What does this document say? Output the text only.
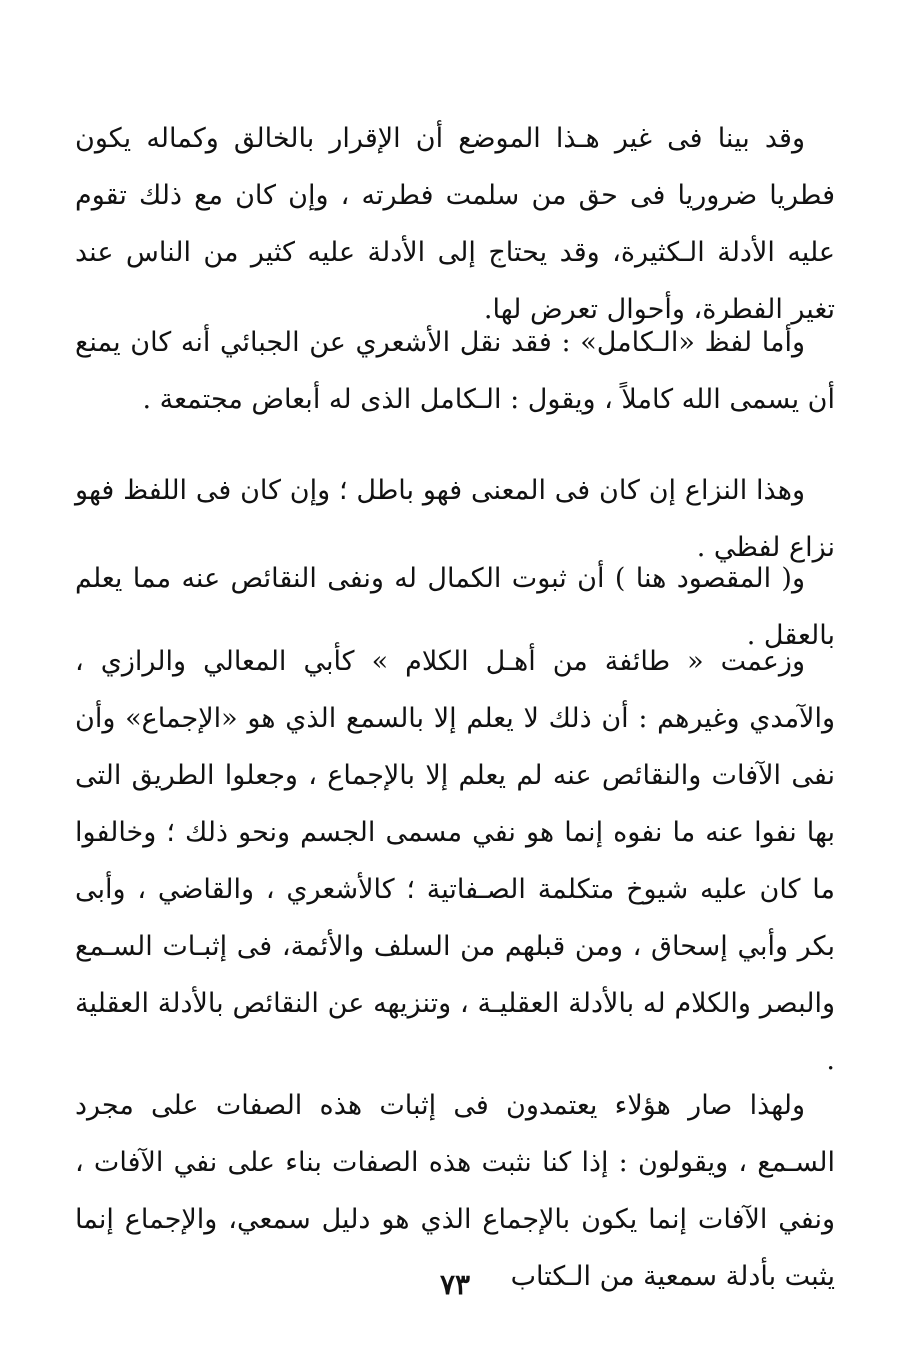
وقد بينا فى غير هـذا الموضع أن الإقرار بالخالق وكماله يكون فطريا ضروريا فى حق من سلمت فطرته ، وإن كان مع ذلك تقوم عليه الأدلة الـكثيرة، وقد يحتاج إلى الأدلة عليه كثير من الناس عند تغير الفطرة، وأحوال تعرض لها.

وأما لفظ «الـكامل» : فقد نقل الأشعري عن الجبائي أنه كان يمنع أن يسمى الله كاملاً ، ويقول : الـكامل الذى له أبعاض مجتمعة .

وهذا النزاع إن كان فى المعنى فهو باطل ؛ وإن كان فى اللفظ فهو نزاع لفظي .

و( المقصود هنا ) أن ثبوت الكمال له ونفى النقائص عنه مما يعلم بالعقل .

وزعمت « طائفة من أهـل الكلام » كأبي المعالي والرازي ، والآمدي وغيرهم : أن ذلك لا يعلم إلا بالسمع الذي هو «الإجماع» وأن نفى الآفات والنقائص عنه لم يعلم إلا بالإجماع ، وجعلوا الطريق التى بها نفوا عنه ما نفوه إنما هو نفي مسمى الجسم ونحو ذلك ؛ وخالفوا ما كان عليه شيوخ متكلمة الصـفاتية ؛ كالأشعري ، والقاضي ، وأبى بكر وأبي إسحاق ، ومن قبلهم من السلف والأئمة، فى إثبـات السـمع والبصر والكلام له بالأدلة العقليـة ، وتنزيهه عن النقائص بالأدلة العقلية .

ولهذا صار هؤلاء يعتمدون فى إثبات هذه الصفات على مجرد السـمع ، ويقولون : إذا كنا نثبت هذه الصفات بناء على نفي الآفات ، ونفي الآفات إنما يكون بالإجماع الذي هو دليل سمعي، والإجماع إنما يثبت بأدلة سمعية من الـكتاب

٧٣
